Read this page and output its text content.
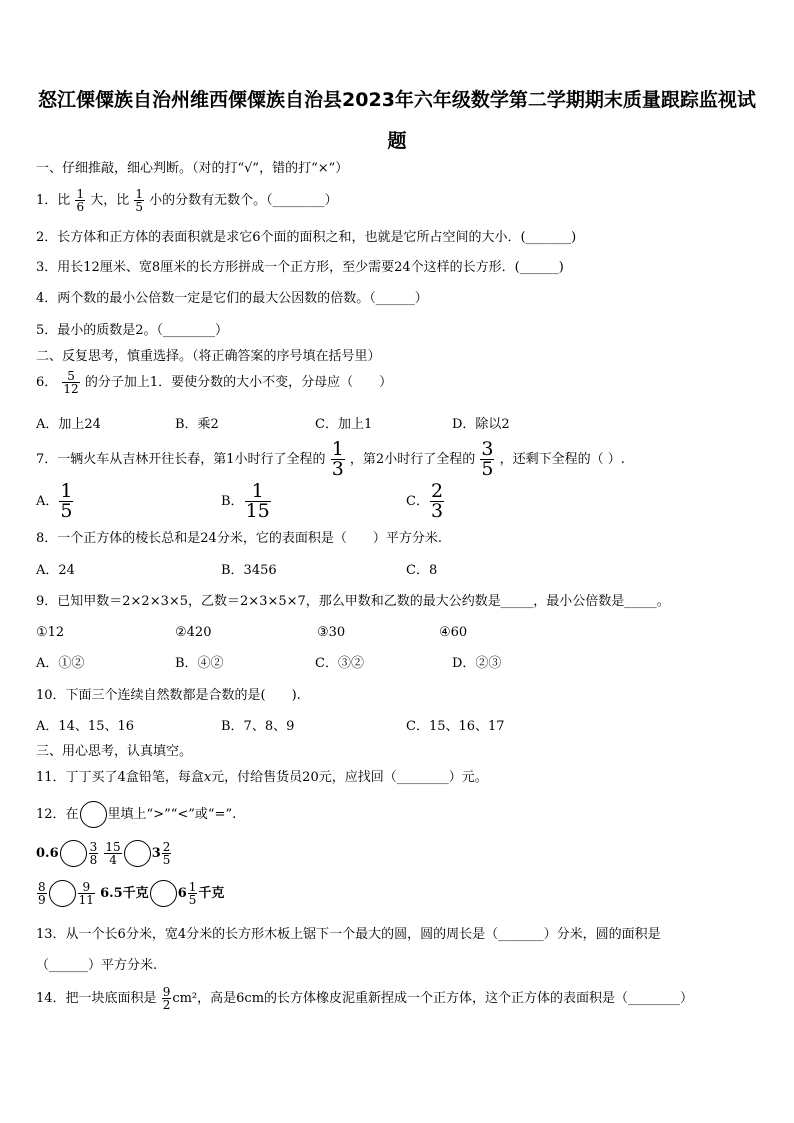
怒江傈僳族自治州维西傈僳族自治县2023年六年级数学第二学期期末质量跟踪监视试
题
一、仔细推敲，细心判断。（对的打“√”，错的打“×”）
1．比 $\frac{1}{6}$ 大，比 $\frac{1}{5}$ 小的分数有无数个。（________）
2．长方体和正方体的表面积就是求它6个面的面积之和，也就是它所占空间的大小．(_______)
3．用长12厘米、宽8厘米的长方形拼成一个正方形，至少需要24个这样的长方形．(______)
4．两个数的最小公倍数一定是它们的最大公因数的倍数。（______）
5．最小的质数是2。（________）
二、反复思考，慎重选择。（将正确答案的序号填在括号里）
6． $\frac{5}{12}$ 的分子加上1．要使分数的大小不变，分母应（　　）
A．加上24	B．乘2	C．加上1	D．除以2
7．一辆火车从吉林开往长春，第1小时行了全程的 $\frac{1}{3}$ ，第2小时行了全程的 $\frac{3}{5}$ ，还剩下全程的（ ）.
A． $\frac{1}{5}$	B． $\frac{1}{15}$	C． $\frac{2}{3}$
8．一个正方体的棱长总和是24分米，它的表面积是（　　）平方分米.
A．24	B．3456	C．8
9．已知甲数＝2×2×3×5，乙数＝2×3×5×7，那么甲数和乙数的最大公约数是_____，最小公倍数是_____。
①12	②420	③30	④60
A．①②	B．④②	C．③②	D．②③
10．下面三个连续自然数都是合数的是(　　).
A．14、15、16	B．7、8、9	C．15、16、17
三、用心思考，认真填空。
11．丁丁买了4盒铅笔，每盒x元，付给售货员20元，应找回（________）元。
12．在 里填上“>”“<”或“=”.
0.6	$\frac{3}{8}$
$\frac{15}{4} 3 \frac{2}{5}$
$\frac{8}{9}$	$\frac{9}{11} 6.5$千克 $6 \frac{1}{5}$ 千克
13．从一个长6分米，宽4分米的长方形木板上锯下一个最大的圆，圆的周长是（_______）分米，圆的面积是
（______）平方分米.
14．把一块底面积是 $\frac{9}{2} cm^2$，高是6cm的长方体橡皮泥重新捏成一个正方体，这个正方体的表面积是（________）
